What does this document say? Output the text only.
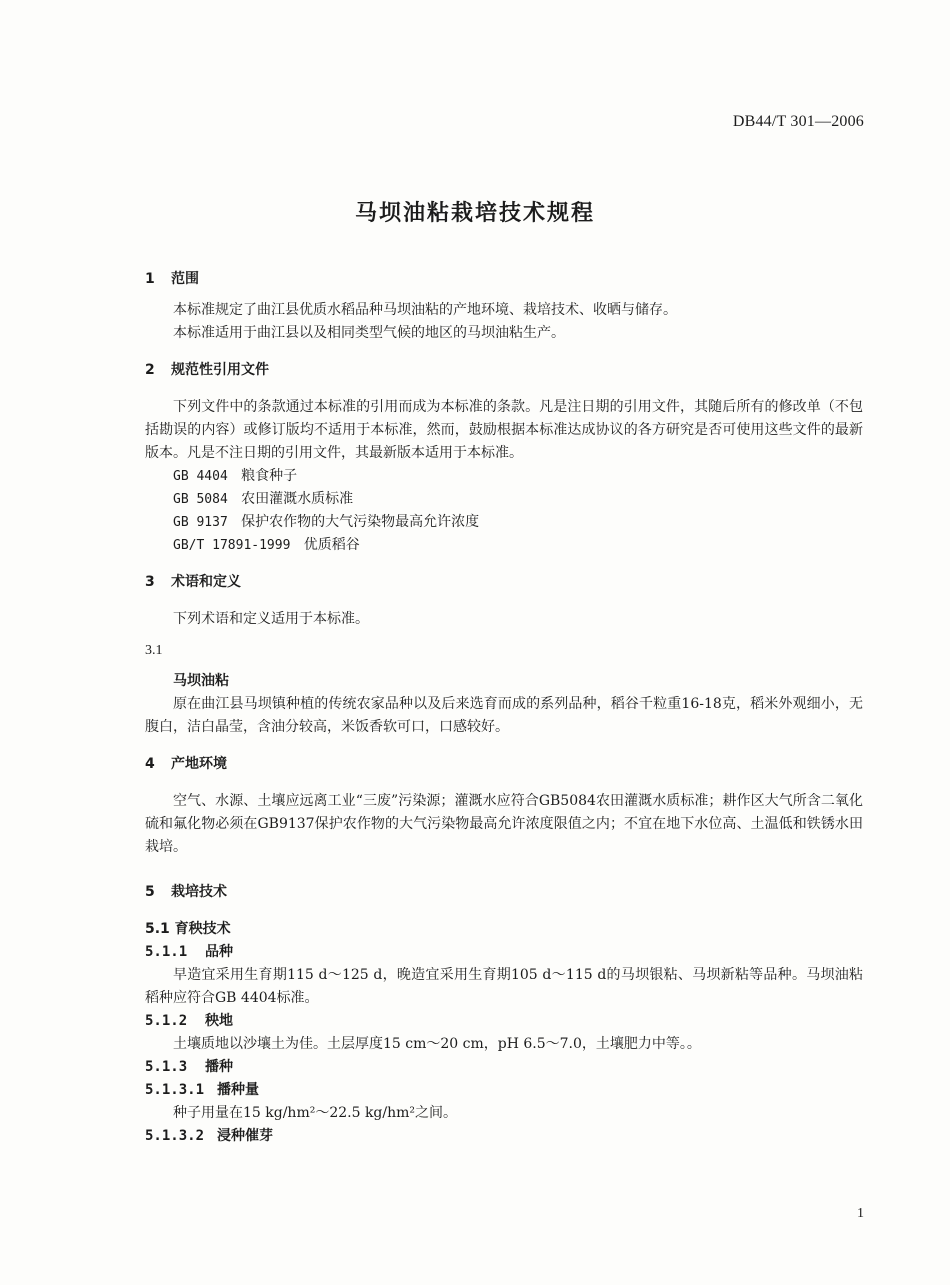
DB44/T 301—2006
马坝油粘栽培技术规程

1 范围

本标准规定了曲江县优质水稻品种马坝油粘的产地环境、栽培技术、收晒与储存。

本标准适用于曲江县以及相同类型气候的地区的马坝油粘生产。

2 规范性引用文件

下列文件中的条款通过本标准的引用而成为本标准的条款。凡是注日期的引用文件，其随后所有的修改单（不包括勘误的内容）或修订版均不适用于本标准，然而，鼓励根据本标准达成协议的各方研究是否可使用这些文件的最新版本。凡是不注日期的引用文件，其最新版本适用于本标准。

GB 4404 粮食种子

GB 5084 农田灌溉水质标准

GB 9137 保护农作物的大气污染物最高允许浓度

GB/T 17891-1999 优质稻谷

3 术语和定义

下列术语和定义适用于本标准。

3.1

马坝油粘

原在曲江县马坝镇种植的传统农家品种以及后来选育而成的系列品种，稻谷千粒重16-18克，稻米外观细小，无腹白，洁白晶莹，含油分较高，米饭香软可口，口感较好。

4 产地环境

空气、水源、土壤应远离工业“三废”污染源；灌溉水应符合GB5084农田灌溉水质标准；耕作区大气所含二氧化硫和氟化物必须在GB9137保护农作物的大气污染物最高允许浓度限值之内；不宜在地下水位高、土温低和铁锈水田栽培。

5 栽培技术

5.1 育秧技术

5.1.1 品种

早造宜采用生育期115 d～125 d，晚造宜采用生育期105 d～115 d的马坝银粘、马坝新粘等品种。马坝油粘稻种应符合GB 4404标准。

5.1.2 秧地

土壤质地以沙壤土为佳。土层厚度15 cm～20 cm，pH 6.5～7.0，土壤肥力中等。。

5.1.3 播种

5.1.3.1 播种量

种子用量在15 kg/hm²～22.5 kg/hm²之间。

5.1.3.2 浸种催芽

1
